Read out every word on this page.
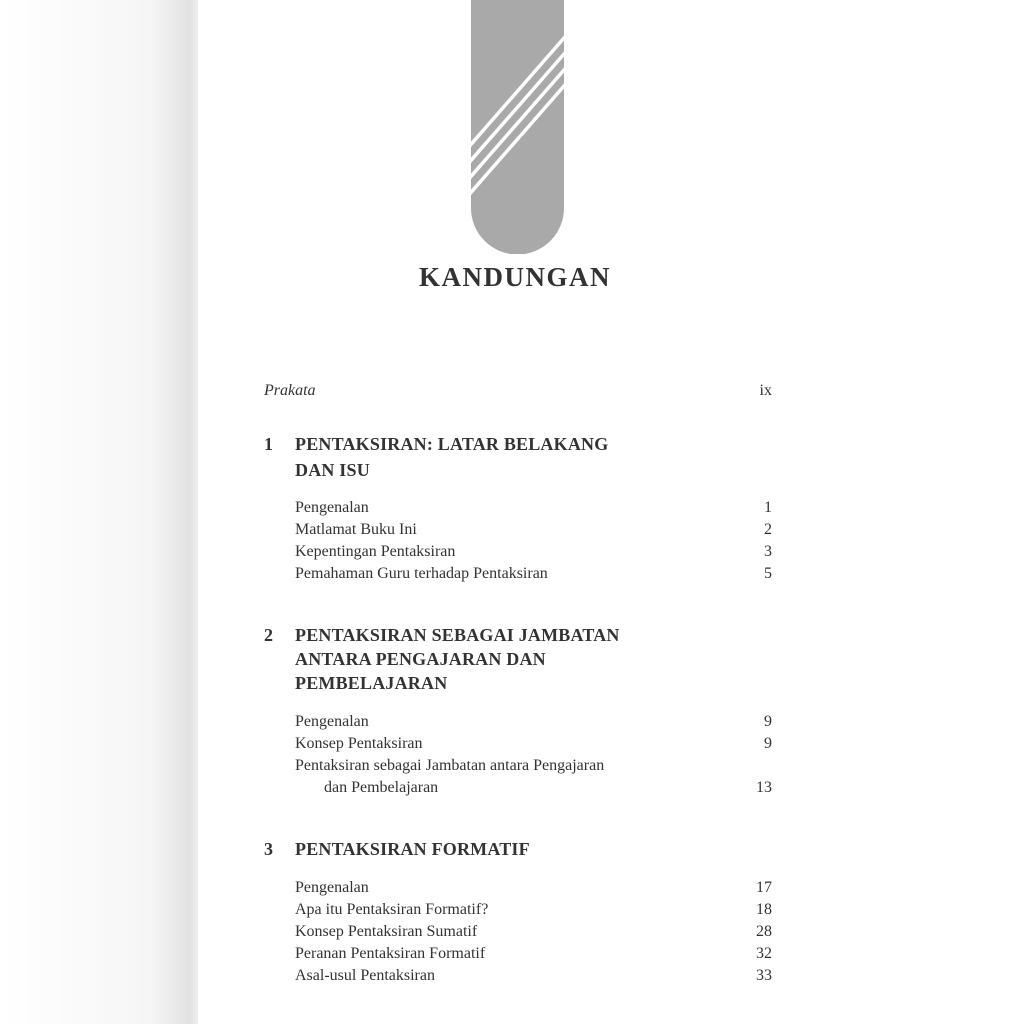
KANDUNGAN
Prakata	ix
1 PENTAKSIRAN: LATAR BELAKANG
DAN ISU
Pengenalan	1
Matlamat Buku Ini	2
Kepentingan Pentaksiran	3
Pemahaman Guru terhadap Pentaksiran	5
2 PENTAKSIRAN SEBAGAI JAMBATAN
ANTARA PENGAJARAN DAN
PEMBELAJARAN
Pengenalan	9
Konsep Pentaksiran	9
Pentaksiran sebagai Jambatan antara Pengajaran
dan Pembelajaran	13
3 PENTAKSIRAN FORMATIF
Pengenalan	17
Apa itu Pentaksiran Formatif?	18
Konsep Pentaksiran Sumatif	28
Peranan Pentaksiran Formatif	32
Asal-usul Pentaksiran	33
